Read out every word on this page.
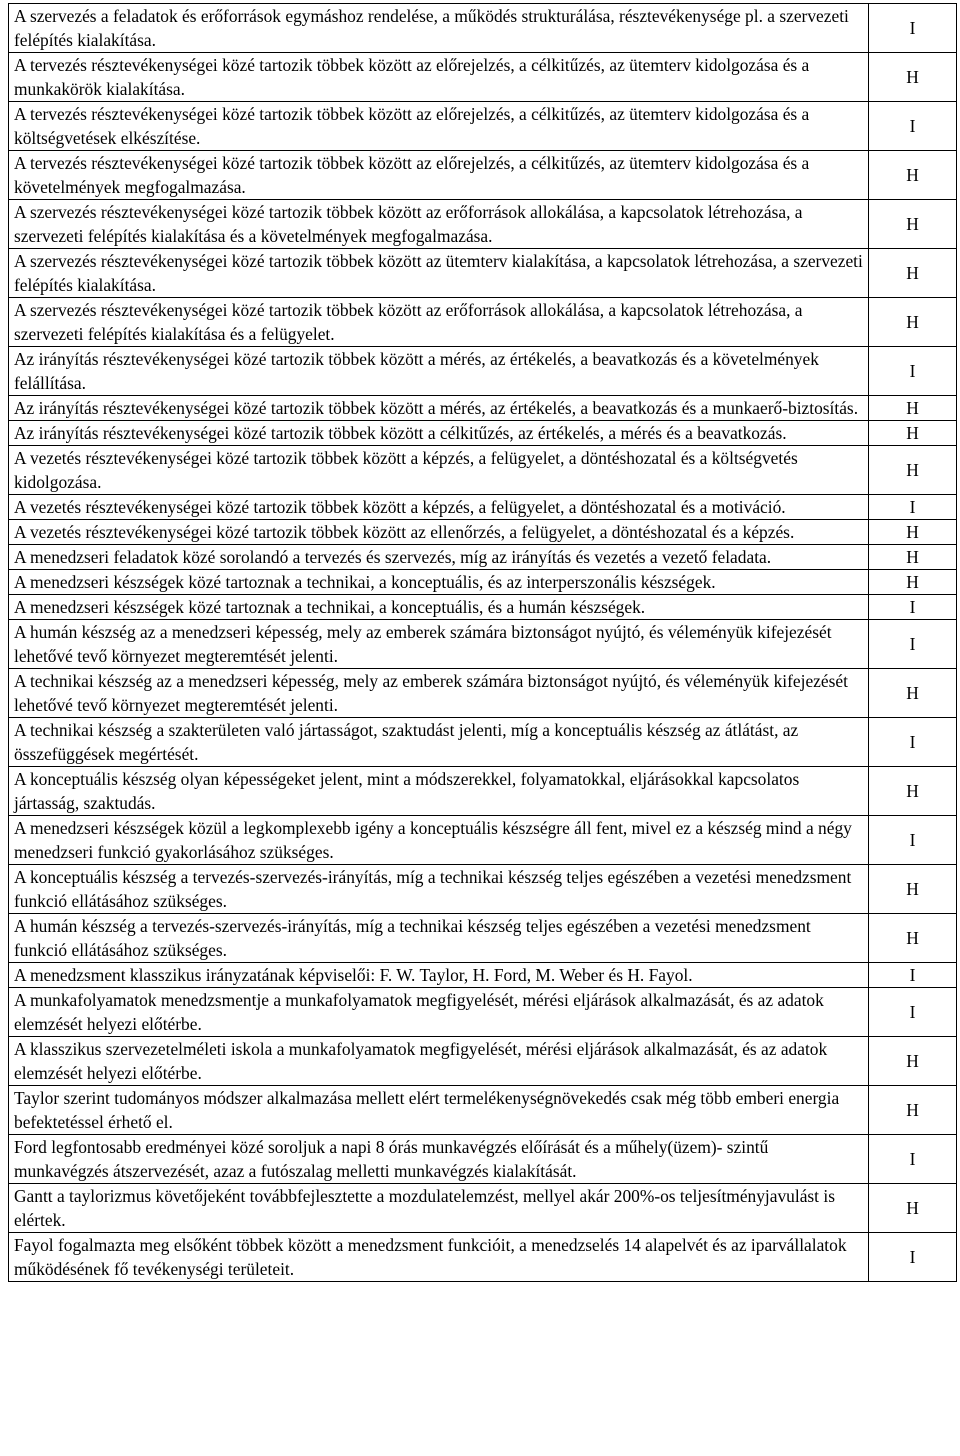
A szervezés a feladatok és erőforrások egymáshoz rendelése, a működés strukturálása, résztevékenysége pl. a szervezeti felépítés kialakítása.	I
A tervezés résztevékenységei közé tartozik többek között az előrejelzés, a célkitűzés, az ütemterv kidolgozása és a munkakörök kialakítása.	H
A tervezés résztevékenységei közé tartozik többek között az előrejelzés, a célkitűzés, az ütemterv kidolgozása és a költségvetések elkészítése.	I
A tervezés résztevékenységei közé tartozik többek között az előrejelzés, a célkitűzés, az ütemterv kidolgozása és a követelmények megfogalmazása.	H
A szervezés résztevékenységei közé tartozik többek között az erőforrások allokálása, a kapcsolatok létrehozása, a szervezeti felépítés kialakítása és a követelmények megfogalmazása.	H
A szervezés résztevékenységei közé tartozik többek között az ütemterv kialakítása, a kapcsolatok létrehozása, a szervezeti felépítés kialakítása.	H
A szervezés résztevékenységei közé tartozik többek között az erőforrások allokálása, a kapcsolatok létrehozása, a szervezeti felépítés kialakítása és a felügyelet.	H
Az irányítás résztevékenységei közé tartozik többek között a mérés, az értékelés, a beavatkozás és a követelmények felállítása.	I
Az irányítás résztevékenységei közé tartozik többek között a mérés, az értékelés, a beavatkozás és a munkaerő-biztosítás.	H
Az irányítás résztevékenységei közé tartozik többek között a célkitűzés, az értékelés, a mérés és a beavatkozás.	H
A vezetés résztevékenységei közé tartozik többek között a képzés, a felügyelet, a döntéshozatal és a költségvetés kidolgozása.	H
A vezetés résztevékenységei közé tartozik többek között a képzés, a felügyelet, a döntéshozatal és a motiváció.	I
A vezetés résztevékenységei közé tartozik többek között az ellenőrzés, a felügyelet, a döntéshozatal és a képzés.	H
A menedzseri feladatok közé sorolandó a tervezés és szervezés, míg az irányítás és vezetés a vezető feladata.	H
A menedzseri készségek közé tartoznak a technikai, a konceptuális, és az interperszonális készségek.	H
A menedzseri készségek közé tartoznak a technikai, a konceptuális, és a humán készségek.	I
A humán készség az a menedzseri képesség, mely az emberek számára biztonságot nyújtó, és véleményük kifejezését lehetővé tevő környezet megteremtését jelenti.	I
A technikai készség az a menedzseri képesség, mely az emberek számára biztonságot nyújtó, és véleményük kifejezését lehetővé tevő környezet megteremtését jelenti.	H
A technikai készség a szakterületen való jártasságot, szaktudást jelenti, míg a konceptuális készség az átlátást, az összefüggések megértését.	I
A konceptuális készség olyan képességeket jelent, mint a módszerekkel, folyamatokkal, eljárásokkal kapcsolatos jártasság, szaktudás.	H
A menedzseri készségek közül a legkomplexebb igény a konceptuális készségre áll fent, mivel ez a készség mind a négy menedzseri funkció gyakorlásához szükséges.	I
A konceptuális készség a tervezés-szervezés-irányítás, míg a technikai készség teljes egészében a vezetési menedzsment funkció ellátásához szükséges.	H
A humán készség a tervezés-szervezés-irányítás, míg a technikai készség teljes egészében a vezetési menedzsment funkció ellátásához szükséges.	H
A menedzsment klasszikus irányzatának képviselői: F. W. Taylor, H. Ford, M. Weber és H. Fayol.	I
A munkafolyamatok menedzsmentje a munkafolyamatok megfigyelését, mérési eljárások alkalmazását, és az adatok elemzését helyezi előtérbe.	I
A klasszikus szervezetelméleti iskola a munkafolyamatok megfigyelését, mérési eljárások alkalmazását, és az adatok elemzését helyezi előtérbe.	H
Taylor szerint tudományos módszer alkalmazása mellett elért termelékenységnövekedés csak még több emberi energia befektetéssel érhető el.	H
Ford legfontosabb eredményei közé soroljuk a napi 8 órás munkavégzés előírását és a műhely(üzem)- szintű munkavégzés átszervezését, azaz a futószalag melletti munkavégzés kialakítását.	I
Gantt a taylorizmus követőjeként továbbfejlesztette a mozdulatelemzést, mellyel akár 200%-os teljesítményjavulást is elértek.	H
Fayol fogalmazta meg elsőként többek között a menedzsment funkcióit, a menedzselés 14 alapelvét és az iparvállalatok működésének fő tevékenységi területeit.	I
